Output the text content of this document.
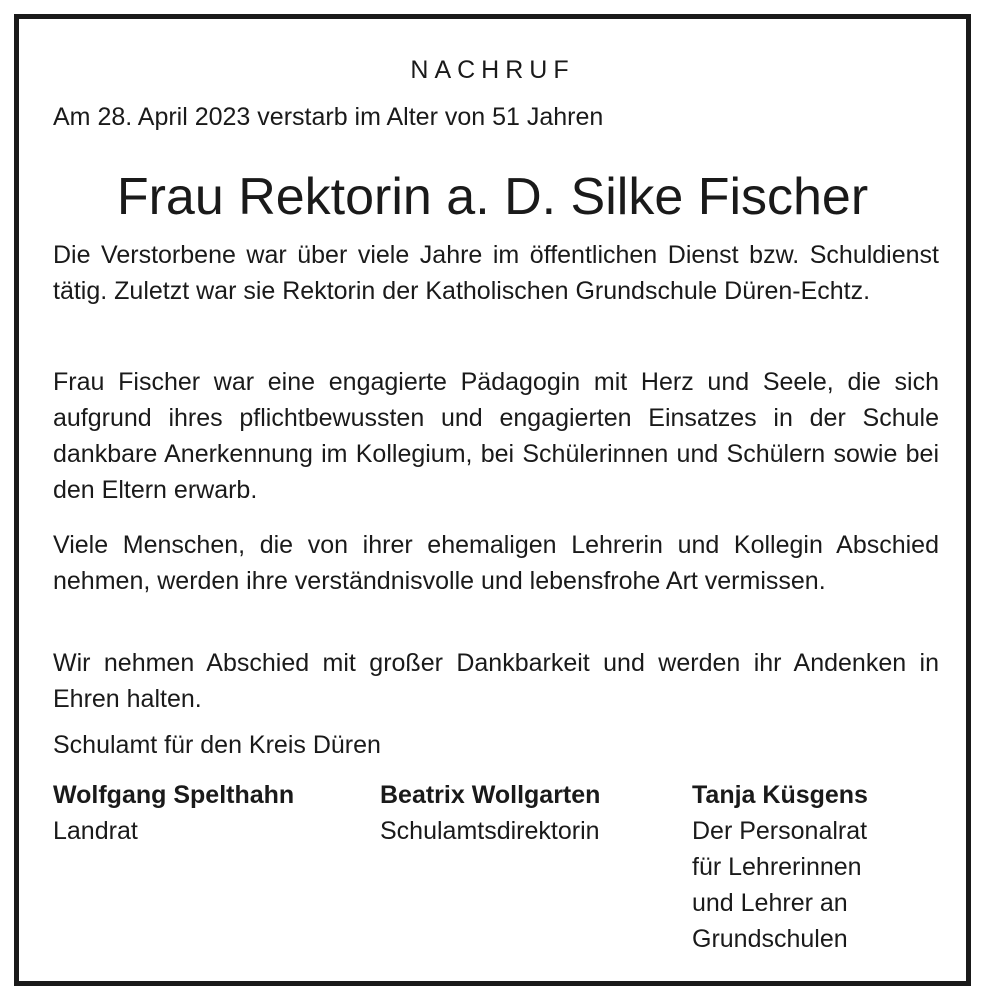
NACHRUF
Am 28. April 2023 verstarb im Alter von 51 Jahren
Frau Rektorin a. D. Silke Fischer
Die Verstorbene war über viele Jahre im öffentlichen Dienst bzw. Schuldienst tätig. Zuletzt war sie Rektorin der Katholischen Grundschule Düren-Echtz.
Frau Fischer war eine engagierte Pädagogin mit Herz und Seele, die sich aufgrund ihres pflichtbewussten und engagierten Einsatzes in der Schule dankbare Anerkennung im Kollegium, bei Schülerinnen und Schülern sowie bei den Eltern erwarb.
Viele Menschen, die von ihrer ehemaligen Lehrerin und Kollegin Abschied nehmen, werden ihre verständnisvolle und lebensfrohe Art vermissen.
Wir nehmen Abschied mit großer Dankbarkeit und werden ihr Andenken in Ehren halten.
Schulamt für den Kreis Düren
Wolfgang Spelthahn
Landrat
Beatrix Wollgarten
Schulamtsdirektorin
Tanja Küsgens
Der Personalrat
für Lehrerinnen
und Lehrer an
Grundschulen
